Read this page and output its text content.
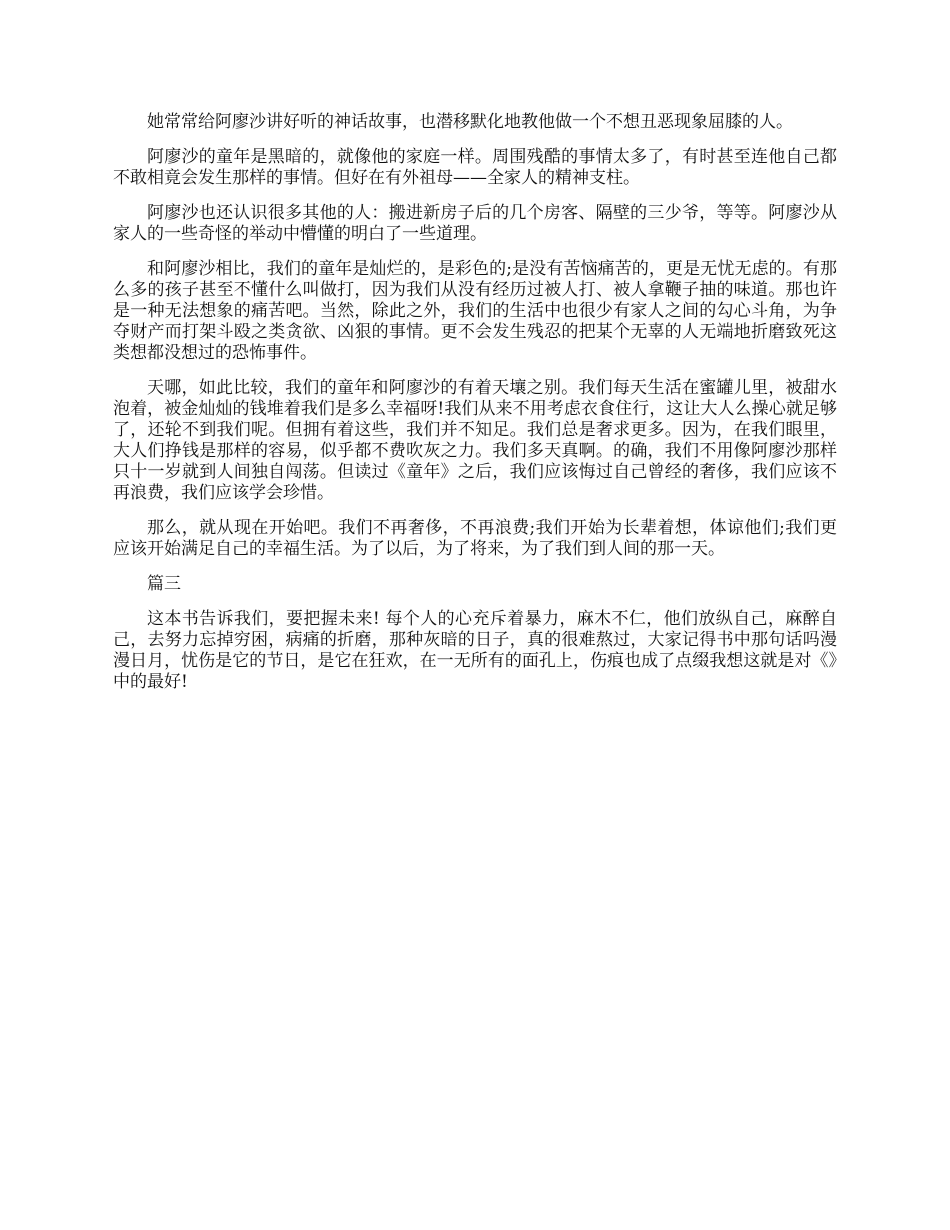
她常常给阿廖沙讲好听的神话故事，也潜移默化地教他做一个不想丑恶现象屈膝的人。

阿廖沙的童年是黑暗的，就像他的家庭一样。周围残酷的事情太多了，有时甚至连他自己都不敢相竟会发生那样的事情。但好在有外祖母——全家人的精神支柱。

阿廖沙也还认识很多其他的人：搬进新房子后的几个房客、隔壁的三少爷，等等。阿廖沙从家人的一些奇怪的举动中懵懂的明白了一些道理。

和阿廖沙相比，我们的童年是灿烂的，是彩色的;是没有苦恼痛苦的，更是无忧无虑的。有那么多的孩子甚至不懂什么叫做打，因为我们从没有经历过被人打、被人拿鞭子抽的味道。那也许是一种无法想象的痛苦吧。当然，除此之外，我们的生活中也很少有家人之间的勾心斗角，为争夺财产而打架斗殴之类贪欲、凶狠的事情。更不会发生残忍的把某个无辜的人无端地折磨致死这类想都没想过的恐怖事件。

天哪，如此比较，我们的童年和阿廖沙的有着天壤之别。我们每天生活在蜜罐儿里，被甜水泡着，被金灿灿的钱堆着我们是多么幸福呀!我们从来不用考虑衣食住行，这让大人么操心就足够了，还轮不到我们呢。但拥有着这些，我们并不知足。我们总是奢求更多。因为，在我们眼里，大人们挣钱是那样的容易，似乎都不费吹灰之力。我们多天真啊。的确，我们不用像阿廖沙那样只十一岁就到人间独自闯荡。但读过《童年》之后，我们应该悔过自己曾经的奢侈，我们应该不再浪费，我们应该学会珍惜。

那么，就从现在开始吧。我们不再奢侈，不再浪费;我们开始为长辈着想，体谅他们;我们更应该开始满足自己的幸福生活。为了以后，为了将来，为了我们到人间的那一天。

篇三

这本书告诉我们，要把握未来! 每个人的心充斥着暴力，麻木不仁，他们放纵自己，麻醉自己，去努力忘掉穷困，病痛的折磨，那种灰暗的日子，真的很难熬过，大家记得书中那句话吗漫漫日月，忧伤是它的节日，是它在狂欢，在一无所有的面孔上，伤痕也成了点缀我想这就是对《》中的最好!
